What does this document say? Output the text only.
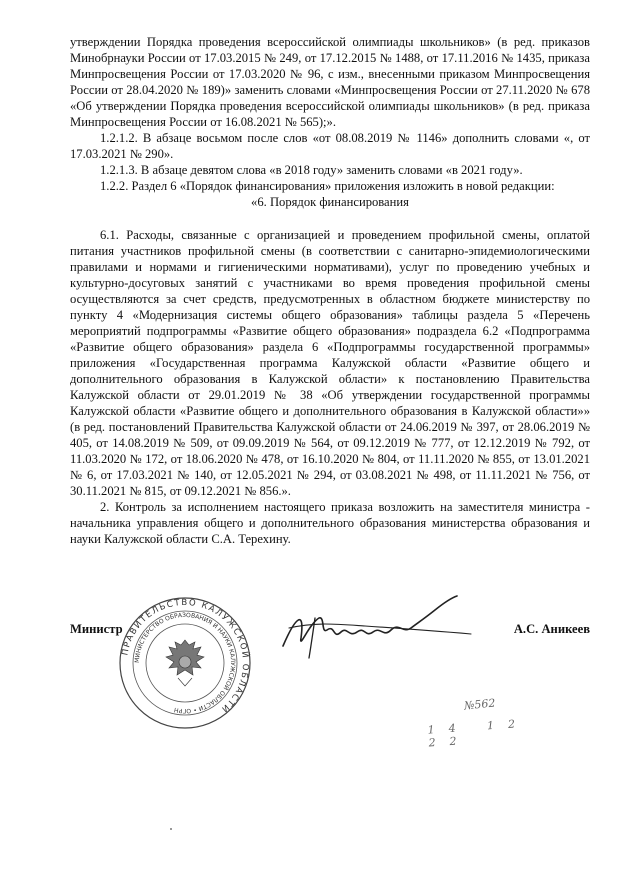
утверждении Порядка проведения всероссийской олимпиады школьников» (в ред. приказов Минобрнауки России от 17.03.2015 № 249, от 17.12.2015 № 1488, от 17.11.2016 № 1435, приказа Минпросвещения России от 17.03.2020 № 96, с изм., внесенными приказом Минпросвещения России от 28.04.2020 № 189)» заменить словами «Минпросвещения России от 27.11.2020 № 678 «Об утверждении Порядка проведения всероссийской олимпиады школьников» (в ред. приказа Минпросвещения России от 16.08.2021 № 565);».

1.2.1.2. В абзаце восьмом после слов «от 08.08.2019 № 1146» дополнить словами «, от 17.03.2021 № 290».

1.2.1.3. В абзаце девятом слова «в 2018 году» заменить словами «в 2021 году».

1.2.2. Раздел 6 «Порядок финансирования» приложения изложить в новой редакции:

«6. Порядок финансирования

6.1. Расходы, связанные с организацией и проведением профильной смены, оплатой питания участников профильной смены (в соответствии с санитарно-эпидемиологическими правилами и нормами и гигиеническими нормативами), услуг по проведению учебных и культурно-досуговых занятий с участниками во время проведения профильной смены осуществляются за счет средств, предусмотренных в областном бюджете министерству по пункту 4 «Модернизация системы общего образования» таблицы раздела 5 «Перечень мероприятий подпрограммы «Развитие общего образования» подраздела 6.2 «Подпрограмма «Развитие общего образования» раздела 6 «Подпрограммы государственной программы» приложения «Государственная программа Калужской области «Развитие общего и дополнительного образования в Калужской области» к постановлению Правительства Калужской области от 29.01.2019 № 38 «Об утверждении государственной программы Калужской области «Развитие общего и дополнительного образования в Калужской области»» (в ред. постановлений Правительства Калужской области от 24.06.2019 № 397, от 28.06.2019 № 405, от 14.08.2019 № 509, от 09.09.2019 № 564, от 09.12.2019 № 777, от 12.12.2019 № 792, от 11.03.2020 № 172, от 18.06.2020 № 478, от 16.10.2020 № 804, от 11.11.2020 № 855, от 13.01.2021 № 6, от 17.03.2021 № 140, от 12.05.2021 № 294, от 03.08.2021 № 498, от 11.11.2021 № 756, от 30.11.2021 № 815, от 09.12.2021 № 856.».

2. Контроль за исполнением настоящего приказа возложить на заместителя министра - начальника управления общего и дополнительного образования министерства образования и науки Калужской области С.А. Терехину.

Министр	А.С. Аникеев
ПРАВИТЕЛЬСТВО КАЛУЖСКОЙ ОБЛАСТИ
МИНИСТЕРСТВО ОБРАЗОВАНИЯ И НАУКИ КАЛУЖСКОЙ ОБЛАСТИ • ОГРН	№562
14 12 22
